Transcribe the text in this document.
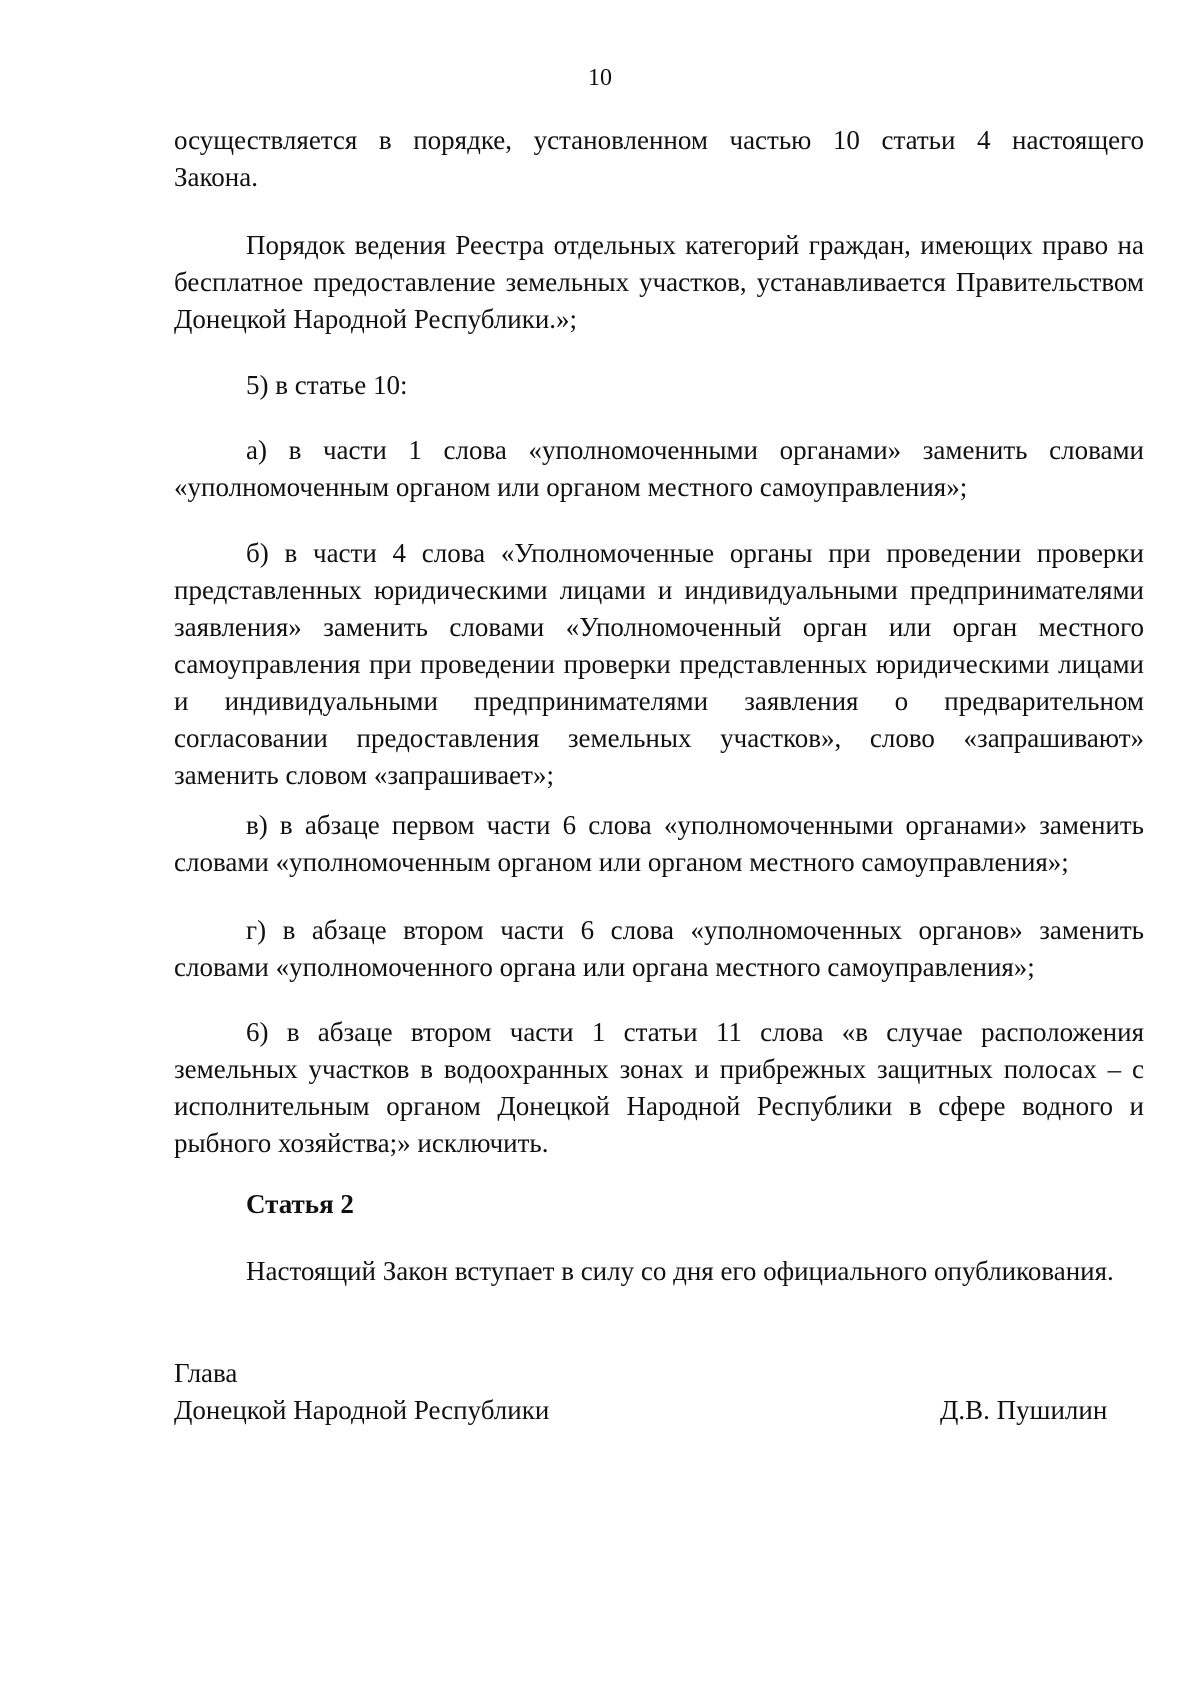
10

осуществляется в порядке, установленном частью 10 статьи 4 настоящего

Закона.

Порядок ведения Реестра отдельных категорий граждан, имеющих право на бесплатное предоставление земельных участков, устанавливается Правительством Донецкой Народной Республики.»;

5) в статье 10:

а) в части 1 слова «уполномоченными органами» заменить словами «уполномоченным органом или органом местного самоуправления»;

б) в части 4 слова «Уполномоченные органы при проведении проверки представленных юридическими лицами и индивидуальными предпринимателями заявления» заменить словами «Уполномоченный орган или орган местного самоуправления при проведении проверки представленных юридическими лицами и индивидуальными предпринимателями заявления о предварительном согласовании предоставления земельных участков», слово «запрашивают» заменить словом «запрашивает»;

в) в абзаце первом части 6 слова «уполномоченными органами» заменить словами «уполномоченным органом или органом местного самоуправления»;

г) в абзаце втором части 6 слова «уполномоченных органов» заменить словами «уполномоченного органа или органа местного самоуправления»;

6) в абзаце втором части 1 статьи 11 слова «в случае расположения земельных участков в водоохранных зонах и прибрежных защитных полосах – с исполнительным органом Донецкой Народной Республики в сфере водного и рыбного хозяйства;» исключить.

Статья 2

Настоящий Закон вступает в силу со дня его официального опубликования.

Глава
Донецкой Народной Республики	Д.В. Пушилин
